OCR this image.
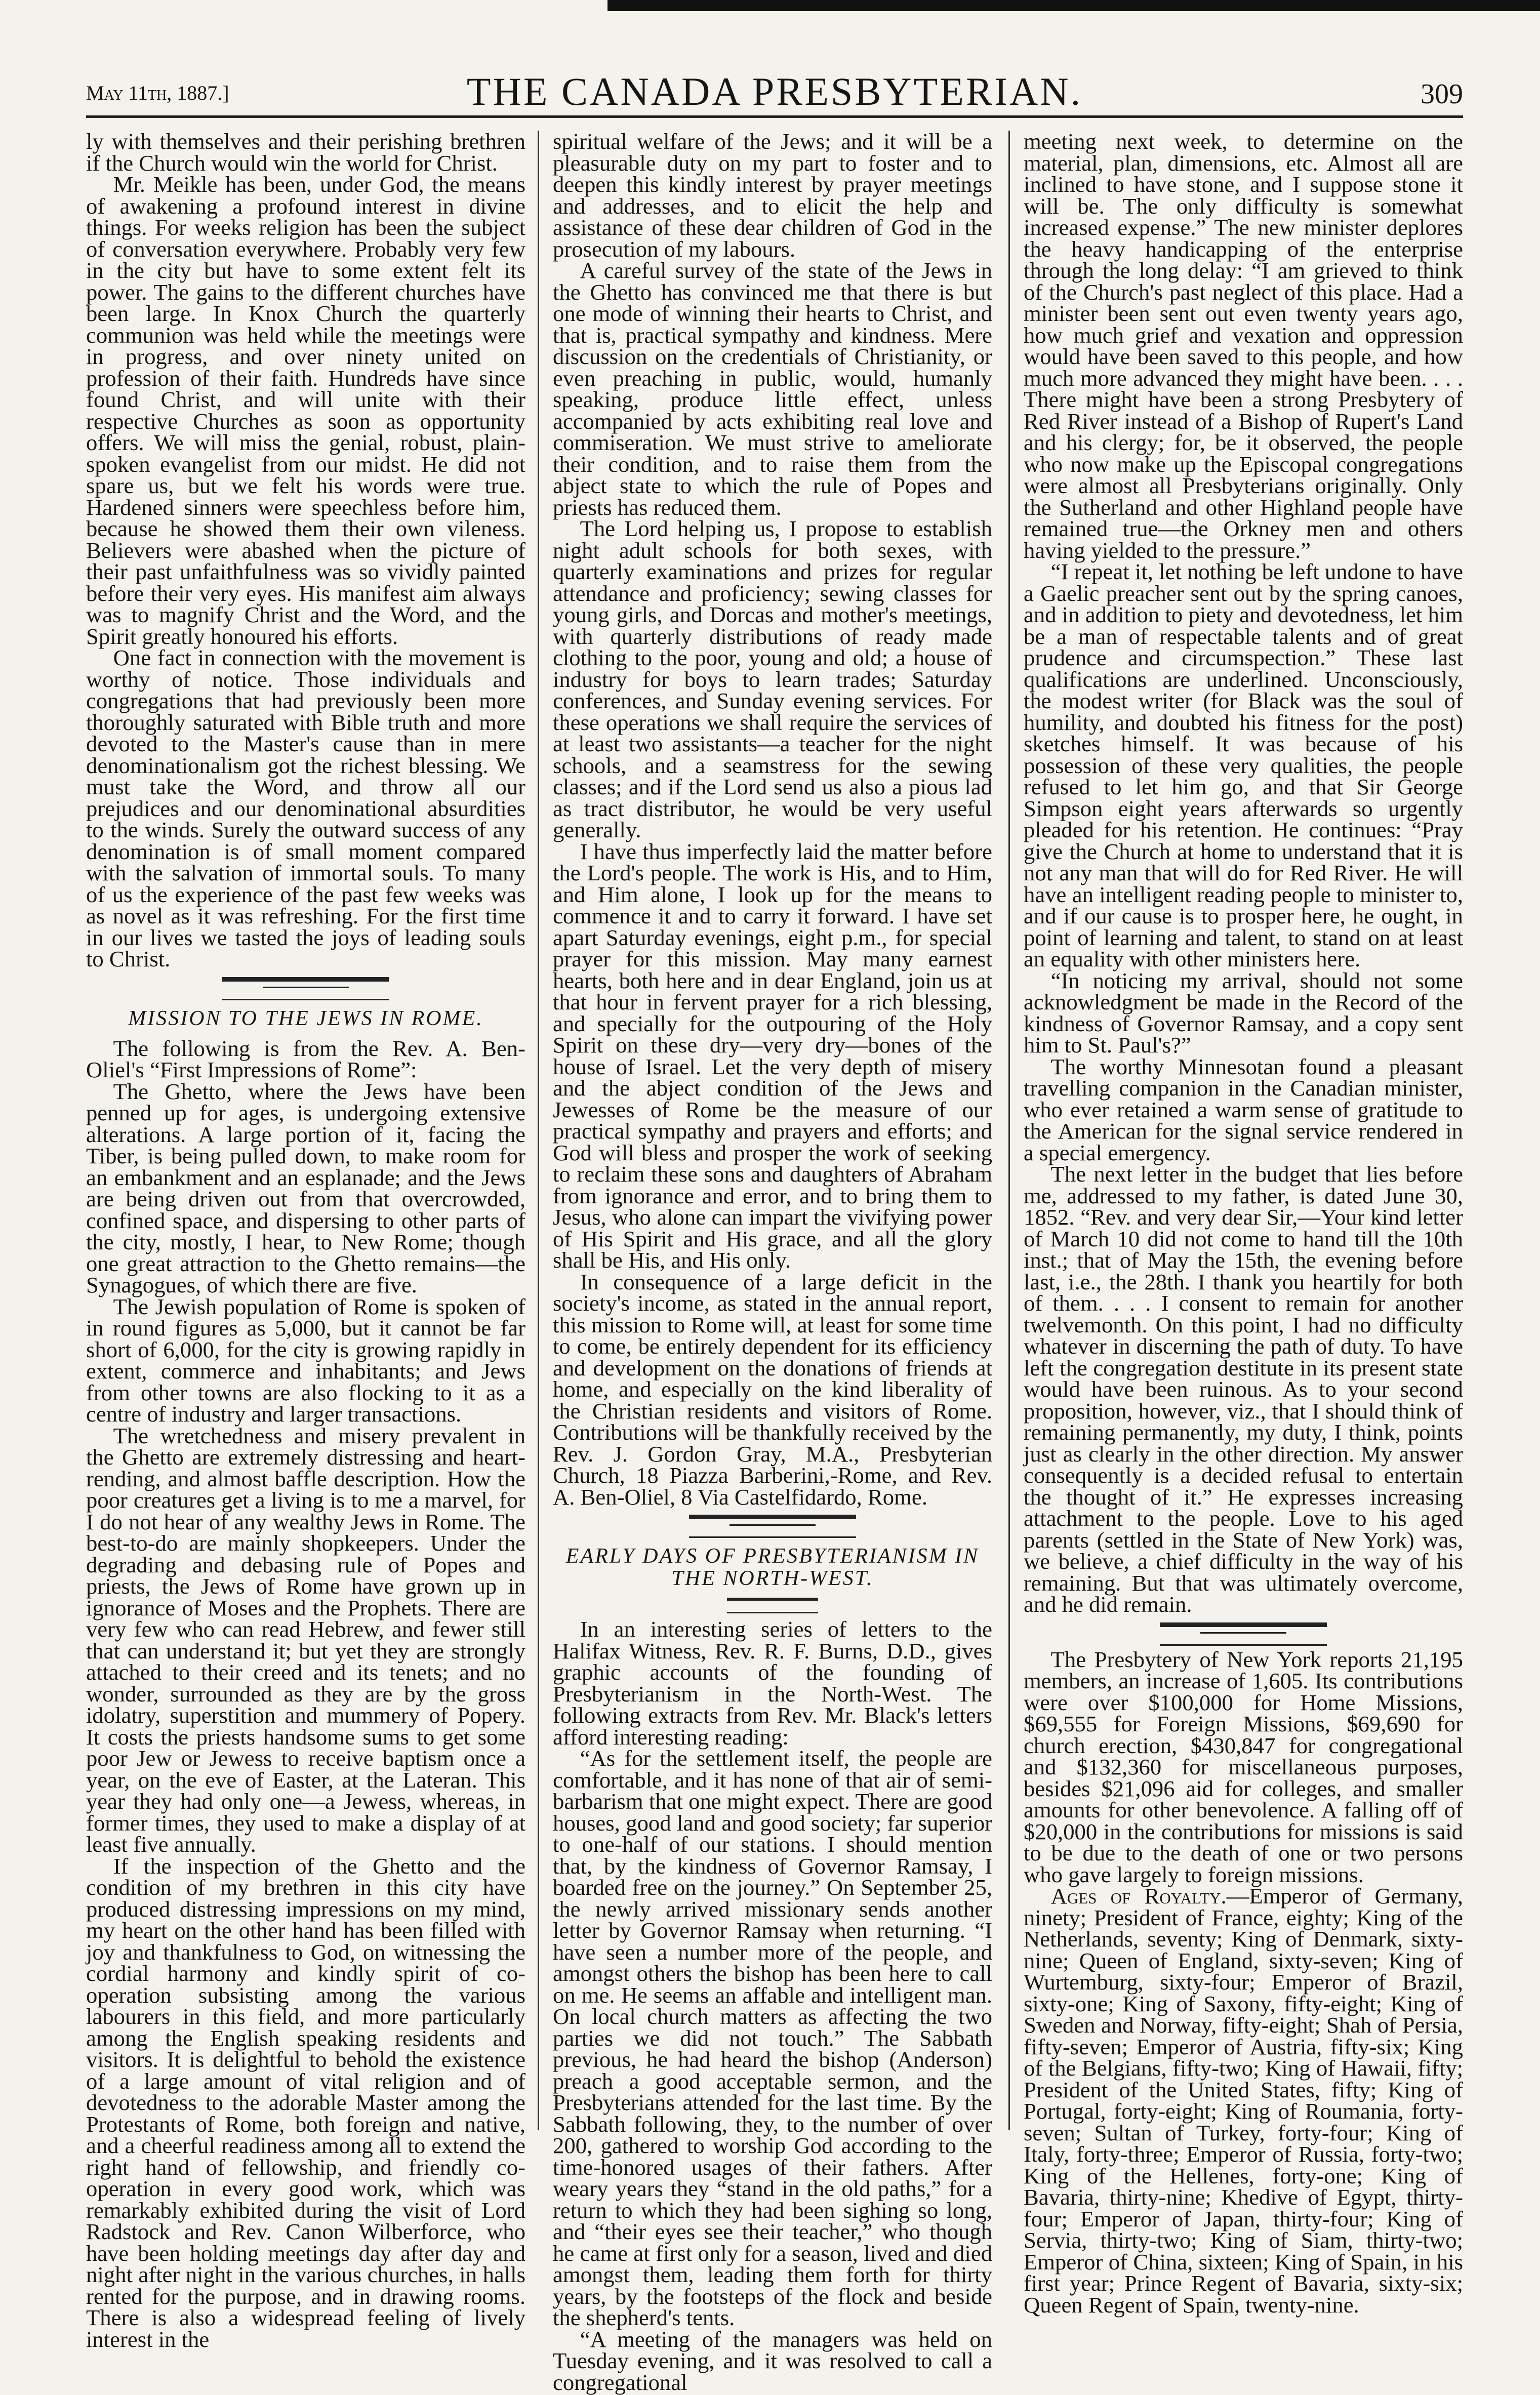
May 11th, 1887.]	THE CANADA PRESBYTERIAN.	309

ly with themselves and their perishing brethren if the Church would win the world for Christ.

Mr. Meikle has been, under God, the means of awakening a profound interest in divine things. For weeks religion has been the subject of conversation everywhere. Probably very few in the city but have to some extent felt its power. The gains to the different churches have been large. In Knox Church the quarterly communion was held while the meetings were in progress, and over ninety united on profession of their faith. Hundreds have since found Christ, and will unite with their respective Churches as soon as opportunity offers. We will miss the genial, robust, plain-spoken evangelist from our midst. He did not spare us, but we felt his words were true. Hardened sinners were speechless before him, because he showed them their own vileness. Believers were abashed when the picture of their past unfaithfulness was so vividly painted before their very eyes. His manifest aim always was to magnify Christ and the Word, and the Spirit greatly honoured his efforts.

One fact in connection with the movement is worthy of notice. Those individuals and congregations that had previously been more thoroughly saturated with Bible truth and more devoted to the Master's cause than in mere denominationalism got the richest blessing. We must take the Word, and throw all our prejudices and our denominational absurdities to the winds. Surely the outward success of any denomination is of small moment compared with the salvation of immortal souls. To many of us the experience of the past few weeks was as novel as it was refreshing. For the first time in our lives we tasted the joys of leading souls to Christ.

MISSION TO THE JEWS IN ROME.

The following is from the Rev. A. Ben-Oliel's “First Impressions of Rome”:

The Ghetto, where the Jews have been penned up for ages, is undergoing extensive alterations. A large portion of it, facing the Tiber, is being pulled down, to make room for an embankment and an esplanade; and the Jews are being driven out from that overcrowded, confined space, and dispersing to other parts of the city, mostly, I hear, to New Rome; though one great attraction to the Ghetto remains—the Synagogues, of which there are five.

The Jewish population of Rome is spoken of in round figures as 5,000, but it cannot be far short of 6,000, for the city is growing rapidly in extent, commerce and inhabitants; and Jews from other towns are also flocking to it as a centre of industry and larger transactions.

The wretchedness and misery prevalent in the Ghetto are extremely distressing and heart-rending, and almost baffle description. How the poor creatures get a living is to me a marvel, for I do not hear of any wealthy Jews in Rome. The best-to-do are mainly shopkeepers. Under the degrading and debasing rule of Popes and priests, the Jews of Rome have grown up in ignorance of Moses and the Prophets. There are very few who can read Hebrew, and fewer still that can understand it; but yet they are strongly attached to their creed and its tenets; and no wonder, surrounded as they are by the gross idolatry, superstition and mummery of Popery. It costs the priests handsome sums to get some poor Jew or Jewess to receive baptism once a year, on the eve of Easter, at the Lateran. This year they had only one—a Jewess, whereas, in former times, they used to make a display of at least five annually.

If the inspection of the Ghetto and the condition of my brethren in this city have produced distressing impressions on my mind, my heart on the other hand has been filled with joy and thankfulness to God, on witnessing the cordial harmony and kindly spirit of co-operation subsisting among the various labourers in this field, and more particularly among the English speaking residents and visitors. It is delightful to behold the existence of a large amount of vital religion and of devotedness to the adorable Master among the Protestants of Rome, both foreign and native, and a cheerful readiness among all to extend the right hand of fellowship, and friendly co-operation in every good work, which was remarkably exhibited during the visit of Lord Radstock and Rev. Canon Wilberforce, who have been holding meetings day after day and night after night in the various churches, in halls rented for the purpose, and in drawing rooms. There is also a widespread feeling of lively interest in the

spiritual welfare of the Jews; and it will be a pleasurable duty on my part to foster and to deepen this kindly interest by prayer meetings and addresses, and to elicit the help and assistance of these dear children of God in the prosecution of my labours.

A careful survey of the state of the Jews in the Ghetto has convinced me that there is but one mode of winning their hearts to Christ, and that is, practical sympathy and kindness. Mere discussion on the credentials of Christianity, or even preaching in public, would, humanly speaking, produce little effect, unless accompanied by acts exhibiting real love and commiseration. We must strive to ameliorate their condition, and to raise them from the abject state to which the rule of Popes and priests has reduced them.

The Lord helping us, I propose to establish night adult schools for both sexes, with quarterly examinations and prizes for regular attendance and proficiency; sewing classes for young girls, and Dorcas and mother's meetings, with quarterly distributions of ready made clothing to the poor, young and old; a house of industry for boys to learn trades; Saturday conferences, and Sunday evening services. For these operations we shall require the services of at least two assistants—a teacher for the night schools, and a seamstress for the sewing classes; and if the Lord send us also a pious lad as tract distributor, he would be very useful generally.

I have thus imperfectly laid the matter before the Lord's people. The work is His, and to Him, and Him alone, I look up for the means to commence it and to carry it forward. I have set apart Saturday evenings, eight p.m., for special prayer for this mission. May many earnest hearts, both here and in dear England, join us at that hour in fervent prayer for a rich blessing, and specially for the outpouring of the Holy Spirit on these dry—very dry—bones of the house of Israel. Let the very depth of misery and the abject condition of the Jews and Jewesses of Rome be the measure of our practical sympathy and prayers and efforts; and God will bless and prosper the work of seeking to reclaim these sons and daughters of Abraham from ignorance and error, and to bring them to Jesus, who alone can impart the vivifying power of His Spirit and His grace, and all the glory shall be His, and His only.

In consequence of a large deficit in the society's income, as stated in the annual report, this mission to Rome will, at least for some time to come, be entirely dependent for its efficiency and development on the donations of friends at home, and especially on the kind liberality of the Christian residents and visitors of Rome. Contributions will be thankfully received by the Rev. J. Gordon Gray, M.A., Presbyterian Church, 18 Piazza Barberini,-Rome, and Rev. A. Ben-Oliel, 8 Via Castelfidardo, Rome.

EARLY DAYS OF PRESBYTERIANISM IN THE NORTH-WEST.

In an interesting series of letters to the Halifax Witness, Rev. R. F. Burns, D.D., gives graphic accounts of the founding of Presbyterianism in the North-West. The following extracts from Rev. Mr. Black's letters afford interesting reading:

“As for the settlement itself, the people are comfortable, and it has none of that air of semi-barbarism that one might expect. There are good houses, good land and good society; far superior to one-half of our stations. I should mention that, by the kindness of Governor Ramsay, I boarded free on the journey.” On September 25, the newly arrived missionary sends another letter by Governor Ramsay when returning. “I have seen a number more of the people, and amongst others the bishop has been here to call on me. He seems an affable and intelligent man. On local church matters as affecting the two parties we did not touch.” The Sabbath previous, he had heard the bishop (Anderson) preach a good acceptable sermon, and the Presbyterians attended for the last time. By the Sabbath following, they, to the number of over 200, gathered to worship God according to the time-honored usages of their fathers. After weary years they “stand in the old paths,” for a return to which they had been sighing so long, and “their eyes see their teacher,” who though he came at first only for a season, lived and died amongst them, leading them forth for thirty years, by the footsteps of the flock and beside the shepherd's tents.

“A meeting of the managers was held on Tuesday evening, and it was resolved to call a congregational

meeting next week, to determine on the material, plan, dimensions, etc. Almost all are inclined to have stone, and I suppose stone it will be. The only difficulty is somewhat increased expense.” The new minister deplores the heavy handicapping of the enterprise through the long delay: “I am grieved to think of the Church's past neglect of this place. Had a minister been sent out even twenty years ago, how much grief and vexation and oppression would have been saved to this people, and how much more advanced they might have been. . . . There might have been a strong Presbytery of Red River instead of a Bishop of Rupert's Land and his clergy; for, be it observed, the people who now make up the Episcopal congregations were almost all Presbyterians originally. Only the Sutherland and other Highland people have remained true—the Orkney men and others having yielded to the pressure.”

“I repeat it, let nothing be left undone to have a Gaelic preacher sent out by the spring canoes, and in addition to piety and devotedness, let him be a man of respectable talents and of great prudence and circumspection.” These last qualifications are underlined. Unconsciously, the modest writer (for Black was the soul of humility, and doubted his fitness for the post) sketches himself. It was because of his possession of these very qualities, the people refused to let him go, and that Sir George Simpson eight years afterwards so urgently pleaded for his retention. He continues: “Pray give the Church at home to understand that it is not any man that will do for Red River. He will have an intelligent reading people to minister to, and if our cause is to prosper here, he ought, in point of learning and talent, to stand on at least an equality with other ministers here.

“In noticing my arrival, should not some acknowledgment be made in the Record of the kindness of Governor Ramsay, and a copy sent him to St. Paul's?”

The worthy Minnesotan found a pleasant travelling companion in the Canadian minister, who ever retained a warm sense of gratitude to the American for the signal service rendered in a special emergency.

The next letter in the budget that lies before me, addressed to my father, is dated June 30, 1852. “Rev. and very dear Sir,—Your kind letter of March 10 did not come to hand till the 10th inst.; that of May the 15th, the evening before last, i.e., the 28th. I thank you heartily for both of them. . . . I consent to remain for another twelvemonth. On this point, I had no difficulty whatever in discerning the path of duty. To have left the congregation destitute in its present state would have been ruinous. As to your second proposition, however, viz., that I should think of remaining permanently, my duty, I think, points just as clearly in the other direction. My answer consequently is a decided refusal to entertain the thought of it.” He expresses increasing attachment to the people. Love to his aged parents (settled in the State of New York) was, we believe, a chief difficulty in the way of his remaining. But that was ultimately overcome, and he did remain.

The Presbytery of New York reports 21,195 members, an increase of 1,605. Its contributions were over $100,000 for Home Missions, $69,555 for Foreign Missions, $69,690 for church erection, $430,847 for congregational and $132,360 for miscellaneous purposes, besides $21,096 aid for colleges, and smaller amounts for other benevolence. A falling off of $20,000 in the contributions for missions is said to be due to the death of one or two persons who gave largely to foreign missions.

Ages of Royalty.—Emperor of Germany, ninety; President of France, eighty; King of the Netherlands, seventy; King of Denmark, sixty-nine; Queen of England, sixty-seven; King of Wurtemburg, sixty-four; Emperor of Brazil, sixty-one; King of Saxony, fifty-eight; King of Sweden and Norway, fifty-eight; Shah of Persia, fifty-seven; Emperor of Austria, fifty-six; King of the Belgians, fifty-two; King of Hawaii, fifty; President of the United States, fifty; King of Portugal, forty-eight; King of Roumania, forty-seven; Sultan of Turkey, forty-four; King of Italy, forty-three; Emperor of Russia, forty-two; King of the Hellenes, forty-one; King of Bavaria, thirty-nine; Khedive of Egypt, thirty-four; Emperor of Japan, thirty-four; King of Servia, thirty-two; King of Siam, thirty-two; Emperor of China, sixteen; King of Spain, in his first year; Prince Regent of Bavaria, sixty-six; Queen Regent of Spain, twenty-nine.
